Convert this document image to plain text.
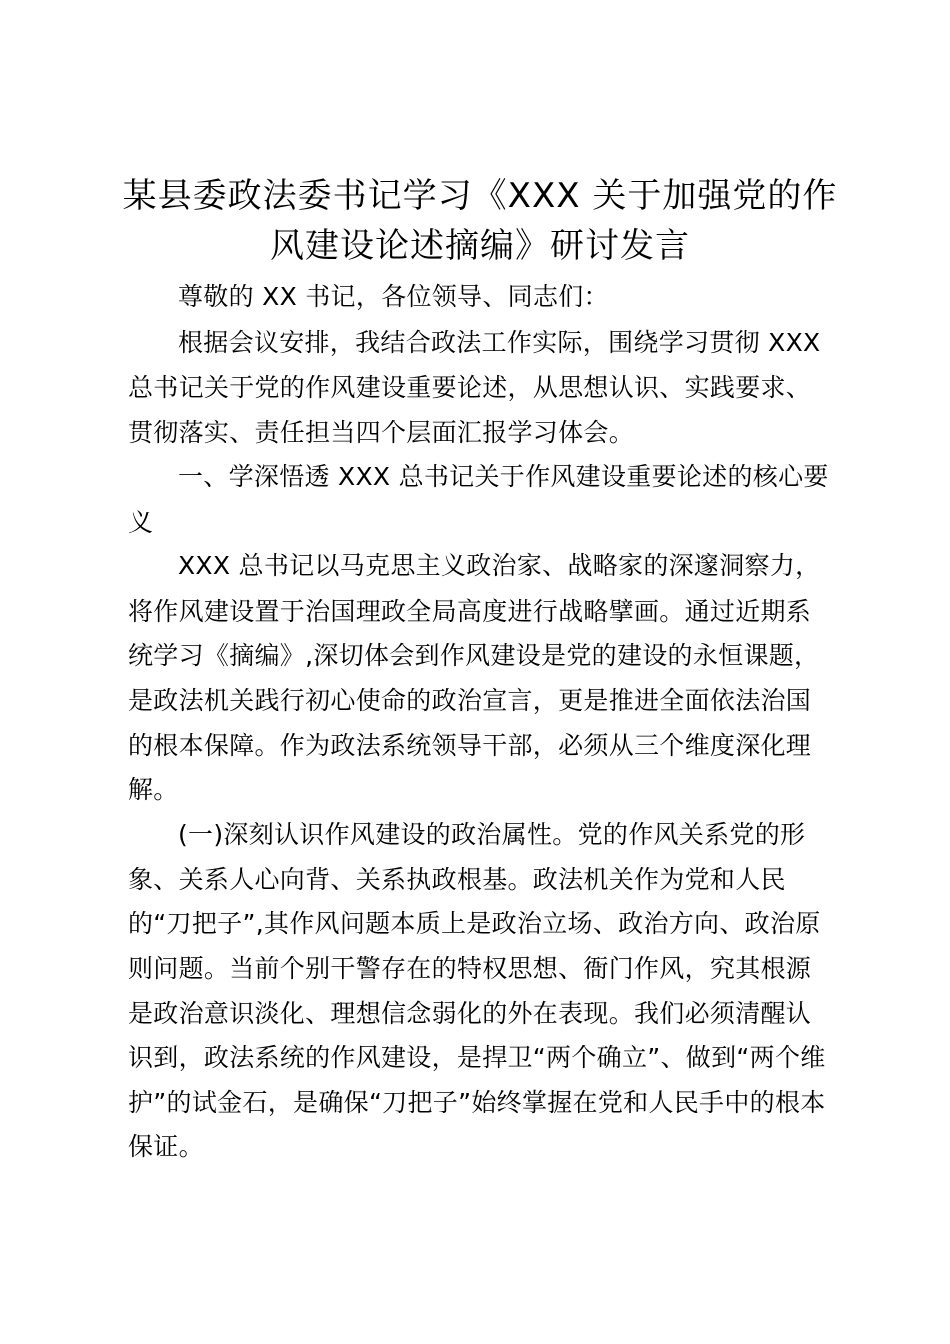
某县委政法委书记学习《XXX 关于加强党的作
风建设论述摘编》研讨发言
尊敬的 XX 书记，各位领导、同志们：
根据会议安排，我结合政法工作实际，围绕学习贯彻 XXX
总书记关于党的作风建设重要论述，从思想认识、实践要求、
贯彻落实、责任担当四个层面汇报学习体会。
一、学深悟透 XXX 总书记关于作风建设重要论述的核心要
义
XXX 总书记以马克思主义政治家、战略家的深邃洞察力，
将作风建设置于治国理政全局高度进行战略擘画。通过近期系
统学习《摘编》,深切体会到作风建设是党的建设的永恒课题，
是政法机关践行初心使命的政治宣言，更是推进全面依法治国
的根本保障。作为政法系统领导干部，必须从三个维度深化理
解。
(一)深刻认识作风建设的政治属性。党的作风关系党的形
象、关系人心向背、关系执政根基。政法机关作为党和人民
的“刀把子”,其作风问题本质上是政治立场、政治方向、政治原
则问题。当前个别干警存在的特权思想、衙门作风，究其根源
是政治意识淡化、理想信念弱化的外在表现。我们必须清醒认
识到，政法系统的作风建设，是捍卫“两个确立”、做到“两个维
护”的试金石，是确保“刀把子”始终掌握在党和人民手中的根本
保证。
